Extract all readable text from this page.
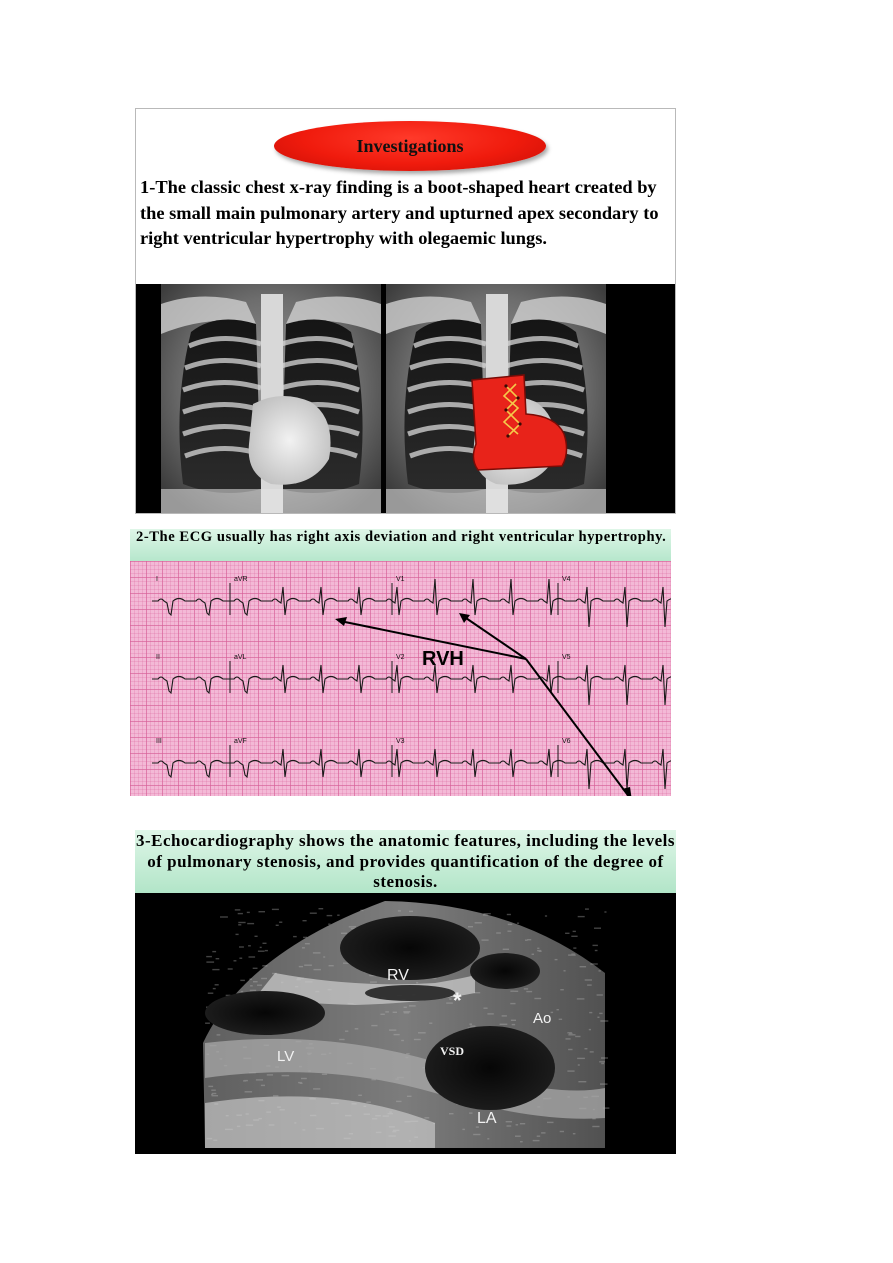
Investigations

1-The classic chest x-ray finding is a boot-shaped heart created by the small main pulmonary artery and upturned apex secondary to right ventricular hypertrophy with olegaemic lungs.

2-The ECG usually has right axis deviation and right ventricular hypertrophy.
I	aVR	V1	V4
II	aVL	V2	V5
III	aVF	V3	V6
RVH
3-Echocardiography shows the anatomic features, including the levels of pulmonary stenosis, and provides quantification of the degree of stenosis.
RV
*
Ao
LV	VSD
LA
